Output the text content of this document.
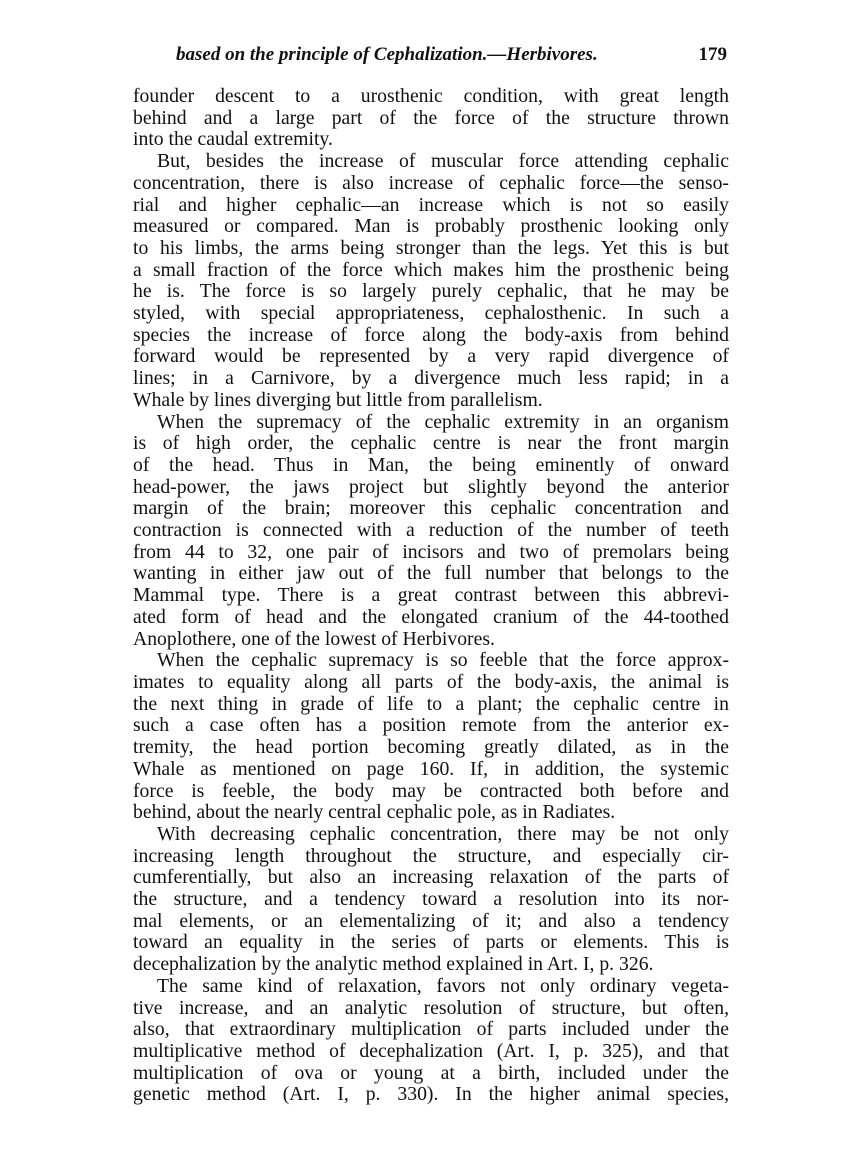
based on the principle of Cephalization.—Herbivores.	179
founder descent to a urosthenic condition, with great length
behind and a large part of the force of the structure thrown
into the caudal extremity.
But, besides the increase of muscular force attending cephalic
concentration, there is also increase of cephalic force—the senso-
rial and higher cephalic—an increase which is not so easily
measured or compared. Man is probably prosthenic looking only
to his limbs, the arms being stronger than the legs. Yet this is but
a small fraction of the force which makes him the prosthenic being
he is. The force is so largely purely cephalic, that he may be
styled, with special appropriateness, cephalosthenic. In such a
species the increase of force along the body-axis from behind
forward would be represented by a very rapid divergence of
lines; in a Carnivore, by a divergence much less rapid; in a
Whale by lines diverging but little from parallelism.
When the supremacy of the cephalic extremity in an organism
is of high order, the cephalic centre is near the front margin
of the head. Thus in Man, the being eminently of onward
head-power, the jaws project but slightly beyond the anterior
margin of the brain; moreover this cephalic concentration and
contraction is connected with a reduction of the number of teeth
from 44 to 32, one pair of incisors and two of premolars being
wanting in either jaw out of the full number that belongs to the
Mammal type. There is a great contrast between this abbrevi-
ated form of head and the elongated cranium of the 44-toothed
Anoplothere, one of the lowest of Herbivores.
When the cephalic supremacy is so feeble that the force approx-
imates to equality along all parts of the body-axis, the animal is
the next thing in grade of life to a plant; the cephalic centre in
such a case often has a position remote from the anterior ex-
tremity, the head portion becoming greatly dilated, as in the
Whale as mentioned on page 160. If, in addition, the systemic
force is feeble, the body may be contracted both before and
behind, about the nearly central cephalic pole, as in Radiates.
With decreasing cephalic concentration, there may be not only
increasing length throughout the structure, and especially cir-
cumferentially, but also an increasing relaxation of the parts of
the structure, and a tendency toward a resolution into its nor-
mal elements, or an elementalizing of it; and also a tendency
toward an equality in the series of parts or elements. This is
decephalization by the analytic method explained in Art. I, p. 326.
The same kind of relaxation, favors not only ordinary vegeta-
tive increase, and an analytic resolution of structure, but often,
also, that extraordinary multiplication of parts included under the
multiplicative method of decephalization (Art. I, p. 325), and that
multiplication of ova or young at a birth, included under the
genetic method (Art. I, p. 330). In the higher animal species,
